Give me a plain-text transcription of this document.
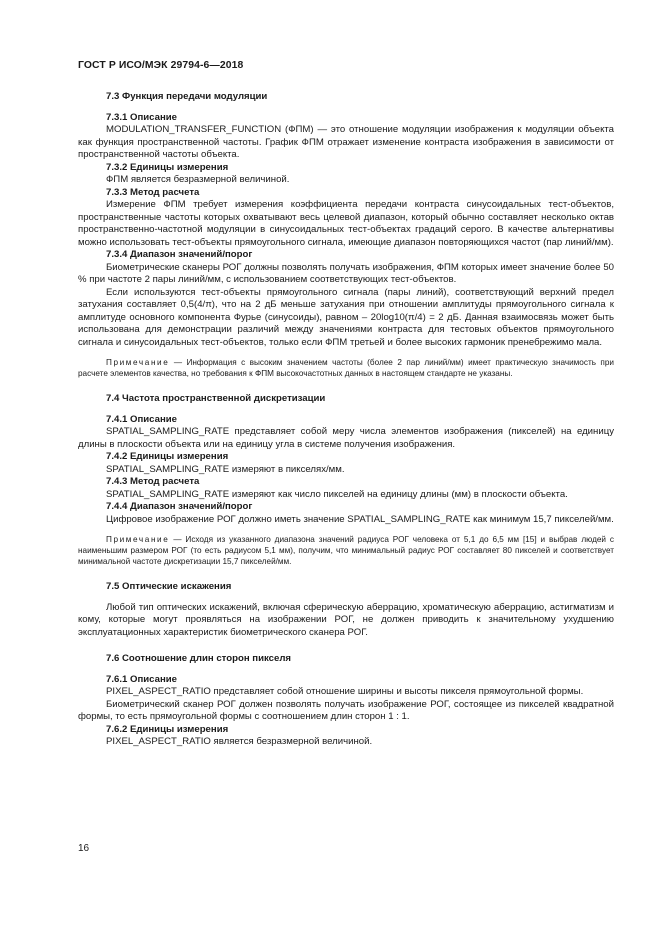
ГОСТ Р ИСО/МЭК 29794-6—2018

7.3 Функция передачи модуляции

7.3.1 Описание

MODULATION_TRANSFER_FUNCTION (ФПМ) — это отношение модуляции изображения к модуляции объекта как функция пространственной частоты. График ФПМ отражает изменение контраста изображения в зависимости от пространственной частоты объекта.

7.3.2 Единицы измерения

ФПМ является безразмерной величиной.

7.3.3 Метод расчета

Измерение ФПМ требует измерения коэффициента передачи контраста синусоидальных тест-объектов, пространственные частоты которых охватывают весь целевой диапазон, который обычно составляет несколько октав пространственно-частотной модуляции в синусоидальных тест-объектах градаций серого. В качестве альтернативы можно использовать тест-объекты прямоугольного сигнала, имеющие диапазон повторяющихся частот (пар линий/мм).

7.3.4 Диапазон значений/порог

Биометрические сканеры РОГ должны позволять получать изображения, ФПМ которых имеет значение более 50 % при частоте 2 пары линий/мм, с использованием соответствующих тест-объектов.

Если используются тест-объекты прямоугольного сигнала (пары линий), соответствующий верхний предел затухания составляет 0,5(4/π), что на 2 дБ меньше затухания при отношении амплитуды прямоугольного сигнала к амплитуде основного компонента Фурье (синусоиды), равном – 20log10(π/4) = 2 дБ. Данная взаимосвязь может быть использована для демонстрации различий между значениями контраста для тестовых объектов прямоугольного сигнала и синусоидальных тест-объектов, только если ФПМ третьей и более высоких гармоник пренебрежимо мала.

Примечание — Информация с высоким значением частоты (более 2 пар линий/мм) имеет практическую значимость при расчете элементов качества, но требования к ФПМ высокочастотных данных в настоящем стандарте не указаны.

7.4 Частота пространственной дискретизации

7.4.1 Описание

SPATIAL_SAMPLING_RATE представляет собой меру числа элементов изображения (пикселей) на единицу длины в плоскости объекта или на единицу угла в системе получения изображения.

7.4.2 Единицы измерения

SPATIAL_SAMPLING_RATE измеряют в пикселях/мм.

7.4.3 Метод расчета

SPATIAL_SAMPLING_RATE измеряют как число пикселей на единицу длины (мм) в плоскости объекта.

7.4.4 Диапазон значений/порог

Цифровое изображение РОГ должно иметь значение SPATIAL_SAMPLING_RATE как минимум 15,7 пикселей/мм.

Примечание — Исходя из указанного диапазона значений радиуса РОГ человека от 5,1 до 6,5 мм [15] и выбрав людей с наименьшим размером РОГ (то есть радиусом 5,1 мм), получим, что минимальный радиус РОГ составляет 80 пикселей и соответствует минимальной частоте дискретизации 15,7 пикселей/мм.

7.5 Оптические искажения

Любой тип оптических искажений, включая сферическую аберрацию, хроматическую аберрацию, астигматизм и кому, которые могут проявляться на изображении РОГ, не должен приводить к значительному ухудшению эксплуатационных характеристик биометрического сканера РОГ.

7.6 Соотношение длин сторон пикселя

7.6.1 Описание

PIXEL_ASPECT_RATIO представляет собой отношение ширины и высоты пикселя прямоугольной формы.

Биометрический сканер РОГ должен позволять получать изображение РОГ, состоящее из пикселей квадратной формы, то есть прямоугольной формы с соотношением длин сторон 1 : 1.

7.6.2 Единицы измерения

PIXEL_ASPECT_RATIO является безразмерной величиной.

16
